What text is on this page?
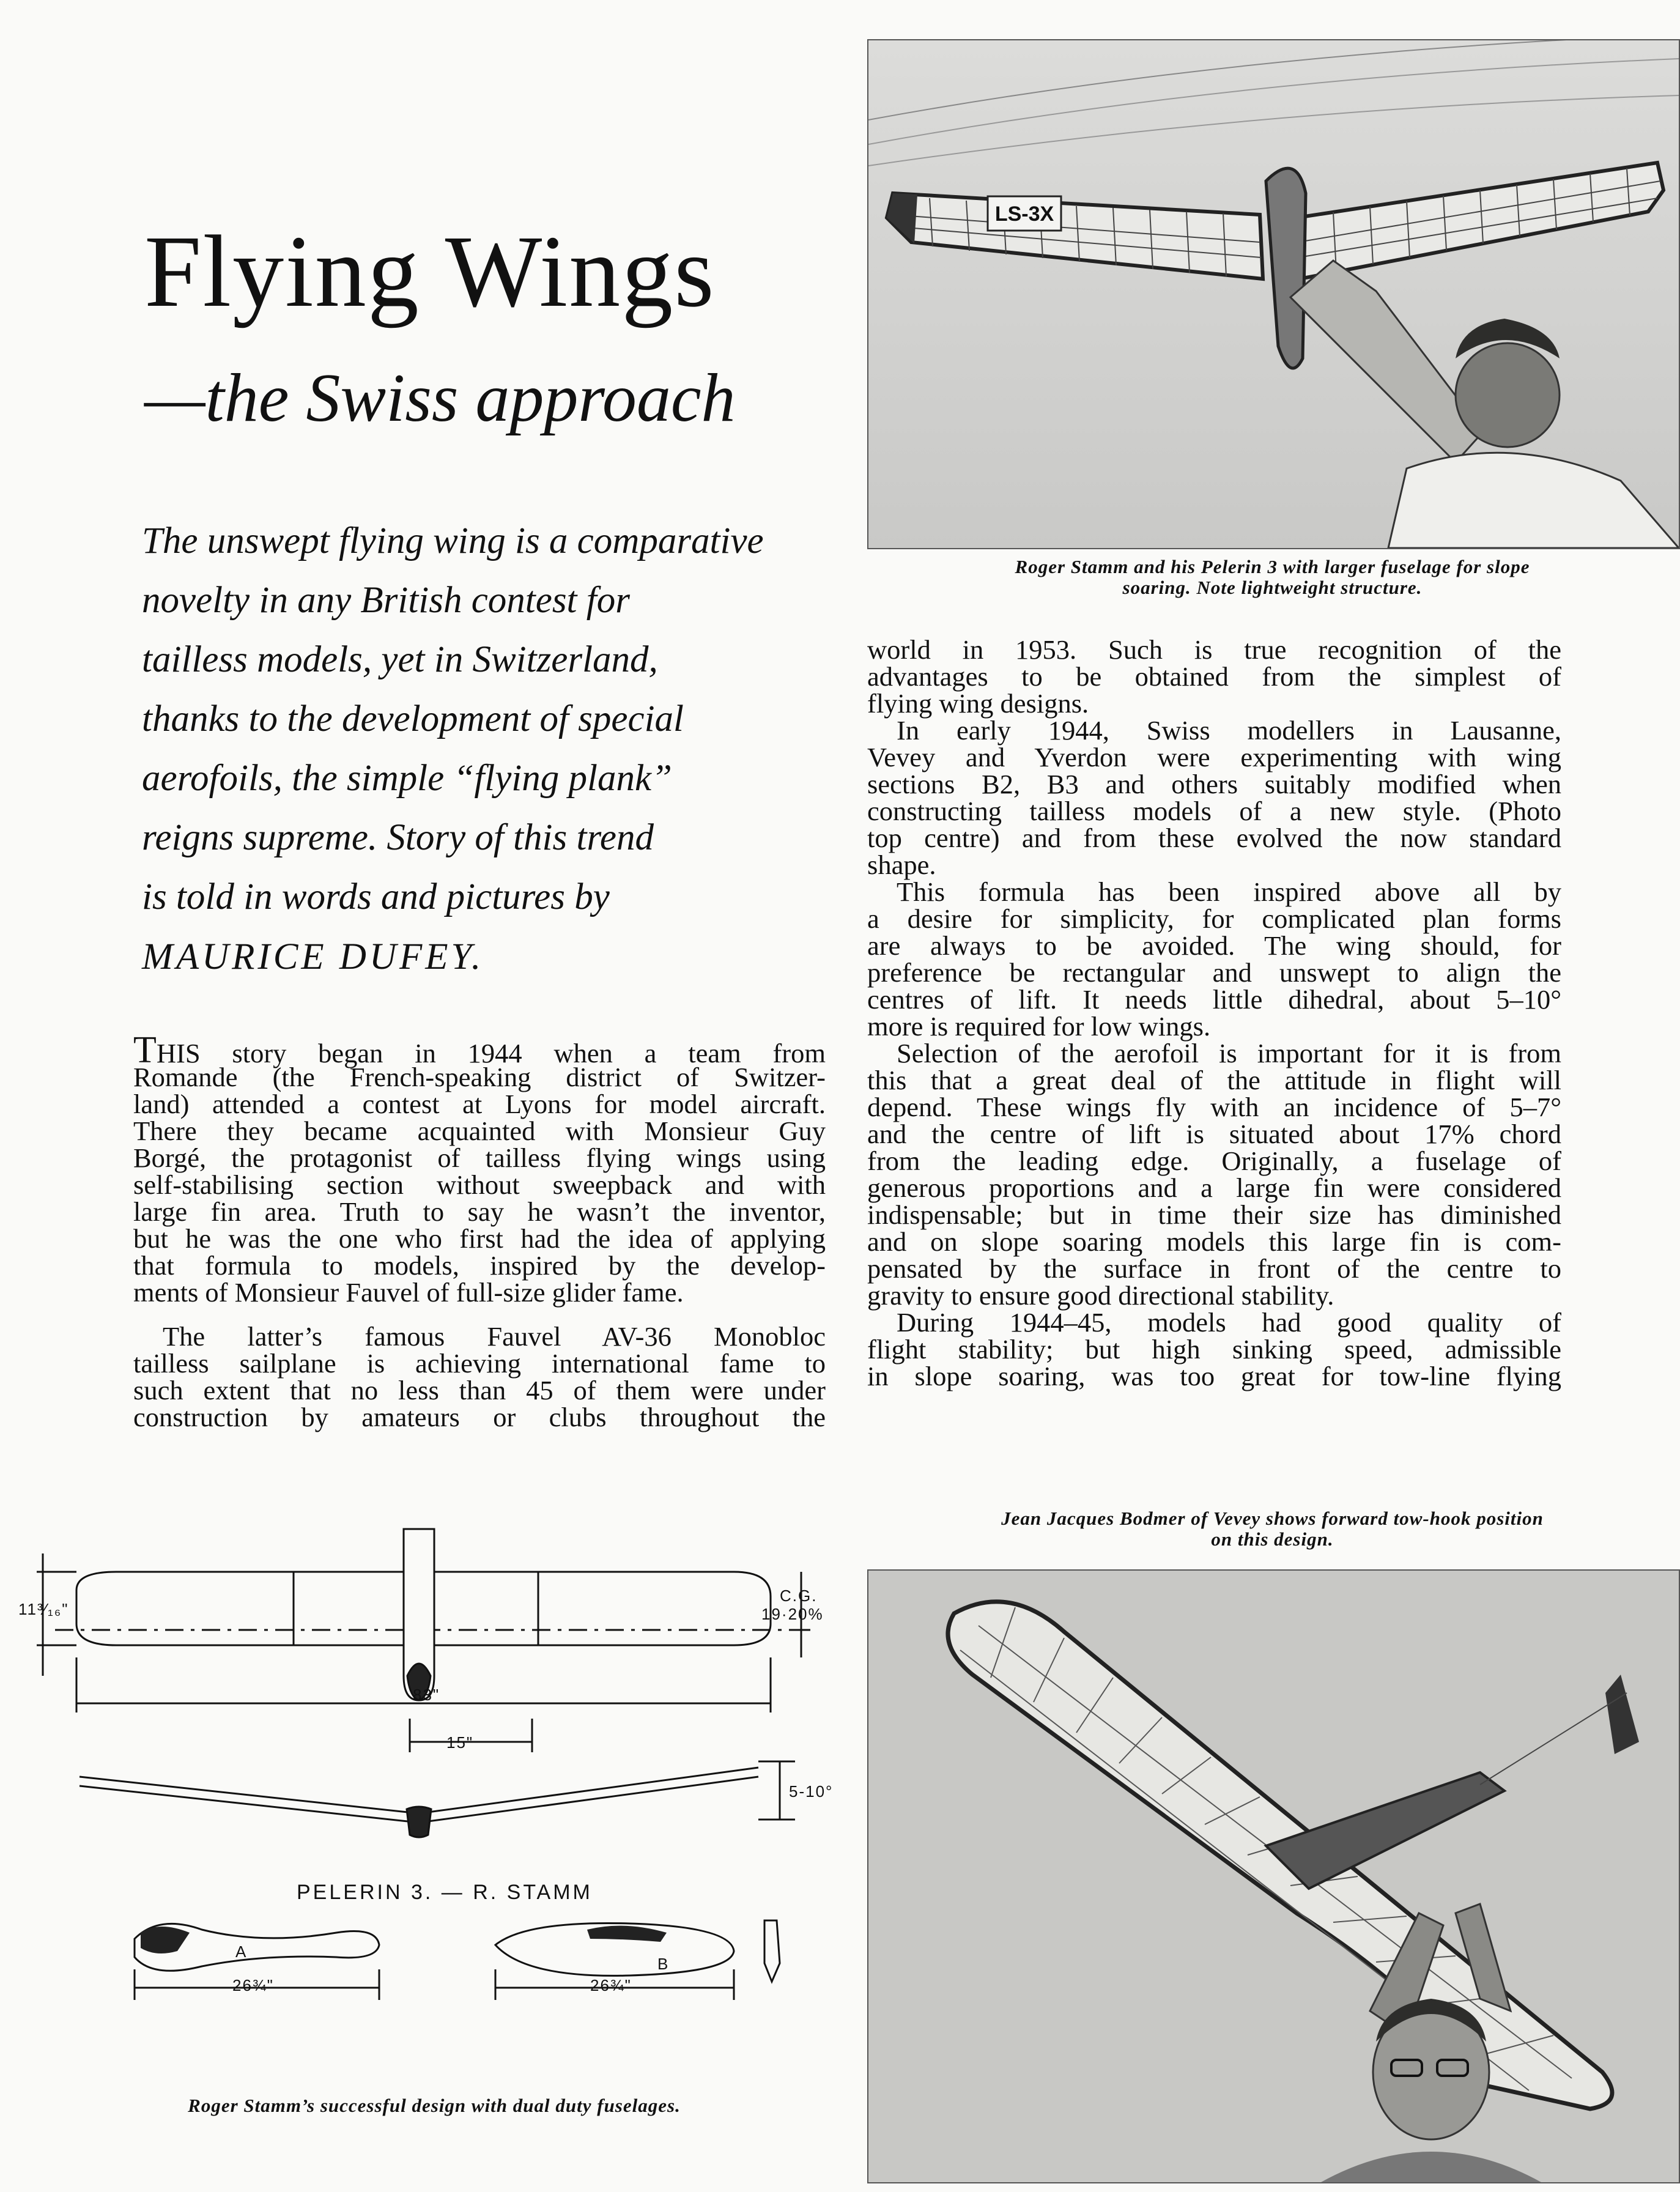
Flying Wings
—the Swiss approach
The unswept flying wing is a comparative
novelty in any British contest for
tailless models, yet in Switzerland,
thanks to the development of special
aerofoils, the simple “flying plank”
reigns supreme. Story of this trend
is told in words and pictures by
MAURICE DUFEY.
THIS story began in 1944 when a team from
Romande (the French-speaking district of Switzer-
land) attended a contest at Lyons for model aircraft.
There they became acquainted with Monsieur Guy
Borgé, the protagonist of tailless flying wings using
self-stabilising section without sweepback and with
large fin area. Truth to say he wasn’t the inventor,
but he was the one who first had the idea of applying
that formula to models, inspired by the develop-
ments of Monsieur Fauvel of full-size glider fame.
The latter’s famous Fauvel AV-36 Monobloc
tailless sailplane is achieving international fame to
such extent that no less than 45 of them were under
construction by amateurs or clubs throughout the
world in 1953. Such is true recognition of the
advantages to be obtained from the simplest of
flying wing designs.
In early 1944, Swiss modellers in Lausanne,
Vevey and Yverdon were experimenting with wing
sections B2, B3 and others suitably modified when
constructing tailless models of a new style. (Photo
top centre) and from these evolved the now standard
shape.
This formula has been inspired above all by
a desire for simplicity, for complicated plan forms
are always to be avoided. The wing should, for
preference be rectangular and unswept to align the
centres of lift. It needs little dihedral, about 5–10°
more is required for low wings.
Selection of the aerofoil is important for it is from
this that a great deal of the attitude in flight will
depend. These wings fly with an incidence of 5–7°
and the centre of lift is situated about 17% chord
from the leading edge. Originally, a fuselage of
generous proportions and a large fin were considered
indispensable; but in time their size has diminished
and on slope soaring models this large fin is com-
pensated by the surface in front of the centre to
gravity to ensure good directional stability.
During 1944–45, models had good quality of
flight stability; but high sinking speed, admissible
in slope soaring, was too great for tow-line flying
LS-3X
Roger Stamm and his Pelerin 3 with larger fuselage for slope
soaring. Note lightweight structure.
Jean Jacques Bodmer of Vevey shows forward tow-hook position
on this design.
11³⁄₁₆"
C.G.
19·20%
83"
15"
5-10°
PELERIN 3. — R. STAMM
A
B
26¾"	26¾"
Roger Stamm’s successful design with dual duty fuselages.
